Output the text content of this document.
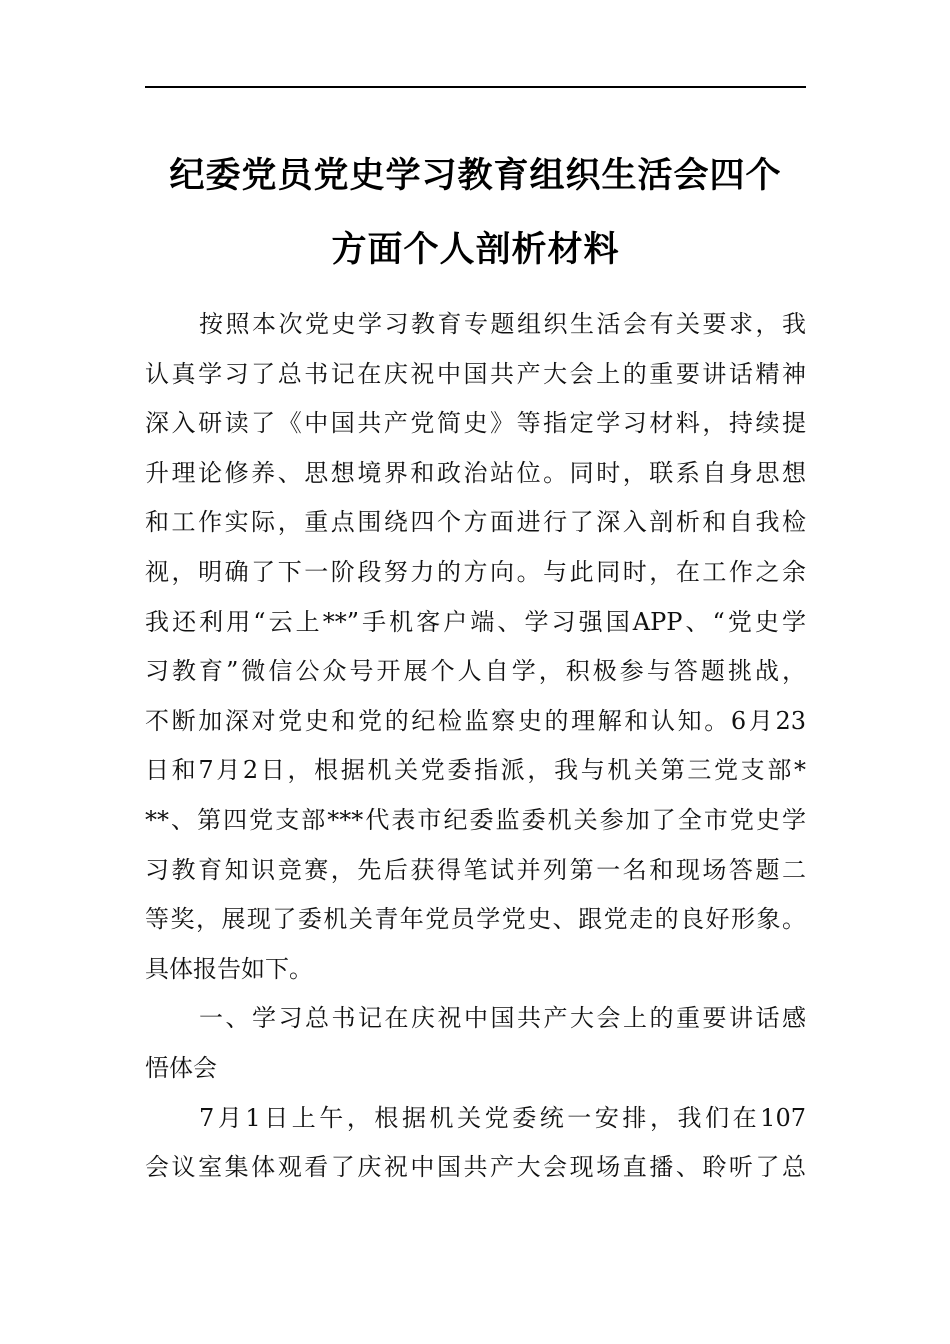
纪委党员党史学习教育组织生活会四个
方面个人剖析材料
按照本次党史学习教育专题组织生活会有关要求，我
认真学习了总书记在庆祝中国共产大会上的重要讲话精神
深入研读了《中国共产党简史》等指定学习材料，持续提
升理论修养、思想境界和政治站位。同时，联系自身思想
和工作实际，重点围绕四个方面进行了深入剖析和自我检
视，明确了下一阶段努力的方向。与此同时，在工作之余
我还利用“云上**”手机客户端、学习强国APP、“党史学
习教育”微信公众号开展个人自学，积极参与答题挑战，
不断加深对党史和党的纪检监察史的理解和认知。6月23
日和7月2日，根据机关党委指派，我与机关第三党支部*
**、第四党支部***代表市纪委监委机关参加了全市党史学
习教育知识竞赛，先后获得笔试并列第一名和现场答题二
等奖，展现了委机关青年党员学党史、跟党走的良好形象。
具体报告如下。
一、学习总书记在庆祝中国共产大会上的重要讲话感
悟体会
7月1日上午，根据机关党委统一安排，我们在107
会议室集体观看了庆祝中国共产大会现场直播、聆听了总
